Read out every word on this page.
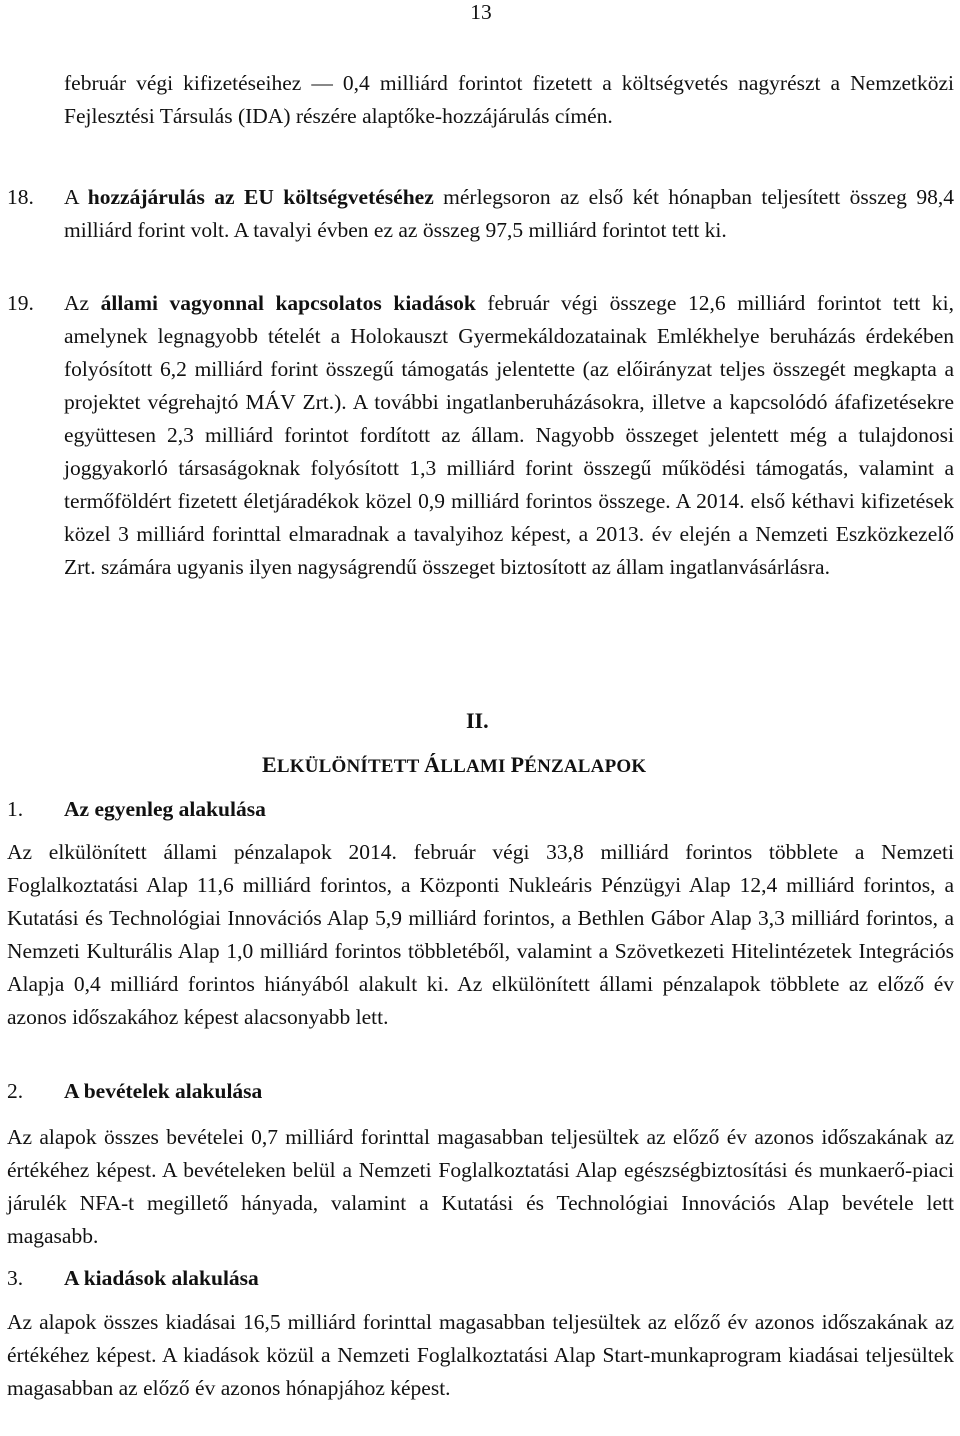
13

február végi kifizetéseihez — 0,4 milliárd forintot fizetett a költségvetés nagyrészt a Nemzetközi Fejlesztési Társulás (IDA) részére alaptőke-hozzájárulás címén.

18. A hozzájárulás az EU költségvetéséhez mérlegsoron az első két hónapban teljesített összeg 98,4 milliárd forint volt. A tavalyi évben ez az összeg 97,5 milliárd forintot tett ki.

19. Az állami vagyonnal kapcsolatos kiadások február végi összege 12,6 milliárd forintot tett ki, amelynek legnagyobb tételét a Holokauszt Gyermekáldozatainak Emlékhelye beruházás érdekében folyósított 6,2 milliárd forint összegű támogatás jelentette (az előirányzat teljes összegét megkapta a projektet végrehajtó MÁV Zrt.). A további ingatlanberuházásokra, illetve a kapcsolódó áfafizetésekre együttesen 2,3 milliárd forintot fordított az állam. Nagyobb összeget jelentett még a tulajdonosi joggyakorló társaságoknak folyósított 1,3 milliárd forint összegű működési támogatás, valamint a termőföldért fizetett életjáradékok közel 0,9 milliárd forintos összege. A 2014. első kéthavi kifizetések közel 3 milliárd forinttal elmaradnak a tavalyihoz képest, a 2013. év elején a Nemzeti Eszközkezelő Zrt. számára ugyanis ilyen nagyságrendű összeget biztosított az állam ingatlanvásárlásra.

II.
ELKÜLÖNÍTETT ÁLLAMI PÉNZALAPOK
1. Az egyenleg alakulása

Az elkülönített állami pénzalapok 2014. február végi 33,8 milliárd forintos többlete a Nemzeti Foglalkoztatási Alap 11,6 milliárd forintos, a Központi Nukleáris Pénzügyi Alap 12,4 milliárd forintos, a Kutatási és Technológiai Innovációs Alap 5,9 milliárd forintos, a Bethlen Gábor Alap 3,3 milliárd forintos, a Nemzeti Kulturális Alap 1,0 milliárd forintos többletéből, valamint a Szövetkezeti Hitelintézetek Integrációs Alapja 0,4 milliárd forintos hiányából alakult ki. Az elkülönített állami pénzalapok többlete az előző év azonos időszakához képest alacsonyabb lett.

2. A bevételek alakulása

Az alapok összes bevételei 0,7 milliárd forinttal magasabban teljesültek az előző év azonos időszakának az értékéhez képest. A bevételeken belül a Nemzeti Foglalkoztatási Alap egészségbiztosítási és munkaerő-piaci járulék NFA-t megillető hányada, valamint a Kutatási és Technológiai Innovációs Alap bevétele lett magasabb.

3. A kiadások alakulása

Az alapok összes kiadásai 16,5 milliárd forinttal magasabban teljesültek az előző év azonos időszakának az értékéhez képest. A kiadások közül a Nemzeti Foglalkoztatási Alap Start-munkaprogram kiadásai teljesültek magasabban az előző év azonos hónapjához képest.
